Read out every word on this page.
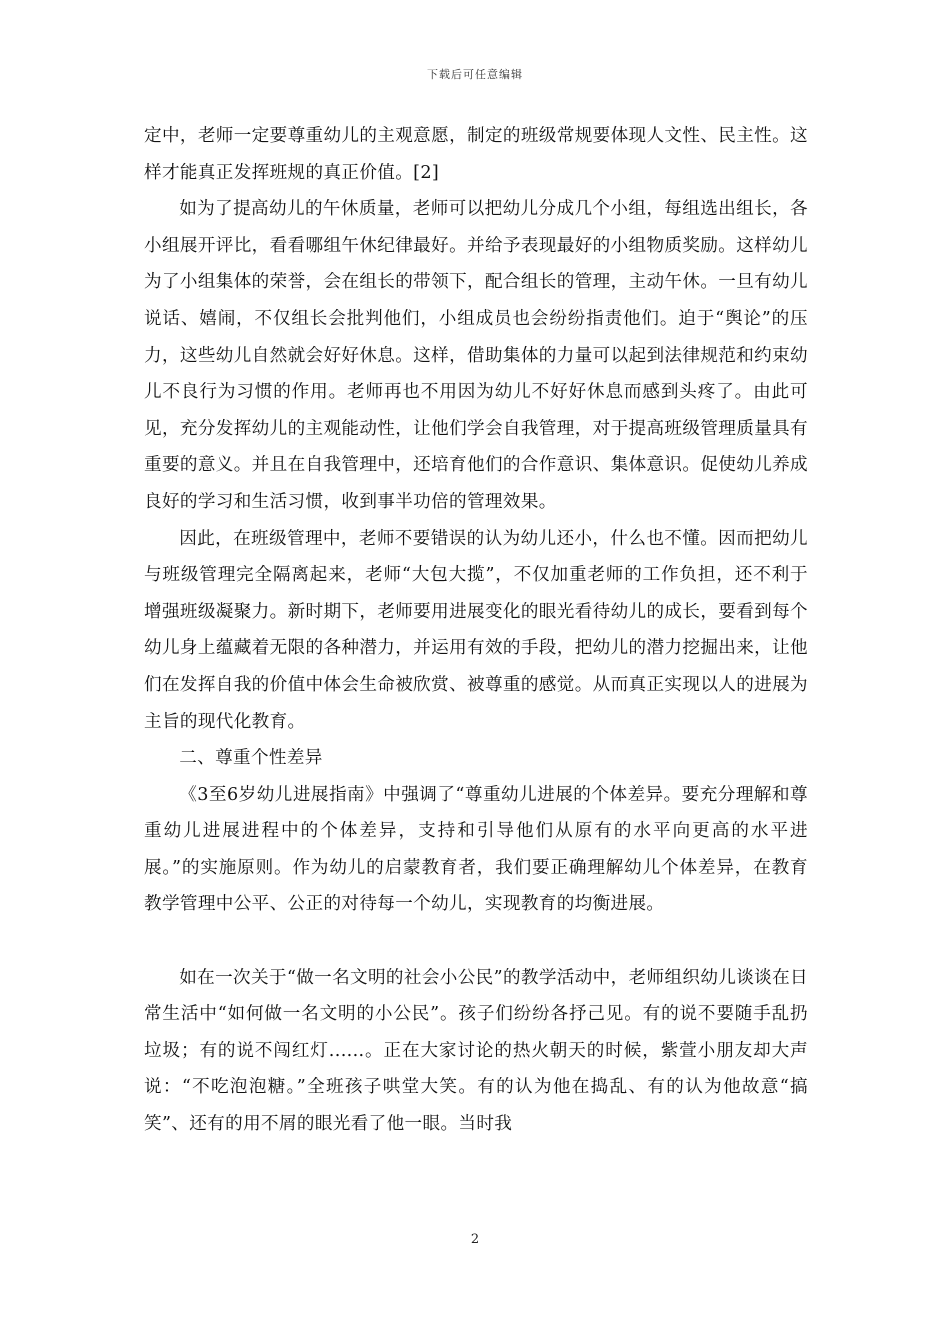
下载后可任意编辑

定中，老师一定要尊重幼儿的主观意愿，制定的班级常规要体现人文性、民主性。这样才能真正发挥班规的真正价值。[2]

如为了提高幼儿的午休质量，老师可以把幼儿分成几个小组，每组选出组长，各小组展开评比，看看哪组午休纪律最好。并给予表现最好的小组物质奖励。这样幼儿为了小组集体的荣誉，会在组长的带领下，配合组长的管理，主动午休。一旦有幼儿说话、嬉闹，不仅组长会批判他们，小组成员也会纷纷指责他们。迫于“舆论”的压力，这些幼儿自然就会好好休息。这样，借助集体的力量可以起到法律规范和约束幼儿不良行为习惯的作用。老师再也不用因为幼儿不好好休息而感到头疼了。由此可见，充分发挥幼儿的主观能动性，让他们学会自我管理，对于提高班级管理质量具有重要的意义。并且在自我管理中，还培育他们的合作意识、集体意识。促使幼儿养成良好的学习和生活习惯，收到事半功倍的管理效果。

因此，在班级管理中，老师不要错误的认为幼儿还小，什么也不懂。因而把幼儿与班级管理完全隔离起来，老师“大包大揽”，不仅加重老师的工作负担，还不利于增强班级凝聚力。新时期下，老师要用进展变化的眼光看待幼儿的成长，要看到每个幼儿身上蕴藏着无限的各种潜力，并运用有效的手段，把幼儿的潜力挖掘出来，让他们在发挥自我的价值中体会生命被欣赏、被尊重的感觉。从而真正实现以人的进展为主旨的现代化教育。

二、尊重个性差异

《3至6岁幼儿进展指南》中强调了“尊重幼儿进展的个体差异。要充分理解和尊重幼儿进展进程中的个体差异，支持和引导他们从原有的水平向更高的水平进展。”的实施原则。作为幼儿的启蒙教育者，我们要正确理解幼儿个体差异，在教育教学管理中公平、公正的对待每一个幼儿，实现教育的均衡进展。

如在一次关于“做一名文明的社会小公民”的教学活动中，老师组织幼儿谈谈在日常生活中“如何做一名文明的小公民”。孩子们纷纷各抒己见。有的说不要随手乱扔垃圾；有的说不闯红灯......。正在大家讨论的热火朝天的时候，紫萱小朋友却大声说：“不吃泡泡糖。”全班孩子哄堂大笑。有的认为他在捣乱、有的认为他故意“搞笑”、还有的用不屑的眼光看了他一眼。当时我

2
